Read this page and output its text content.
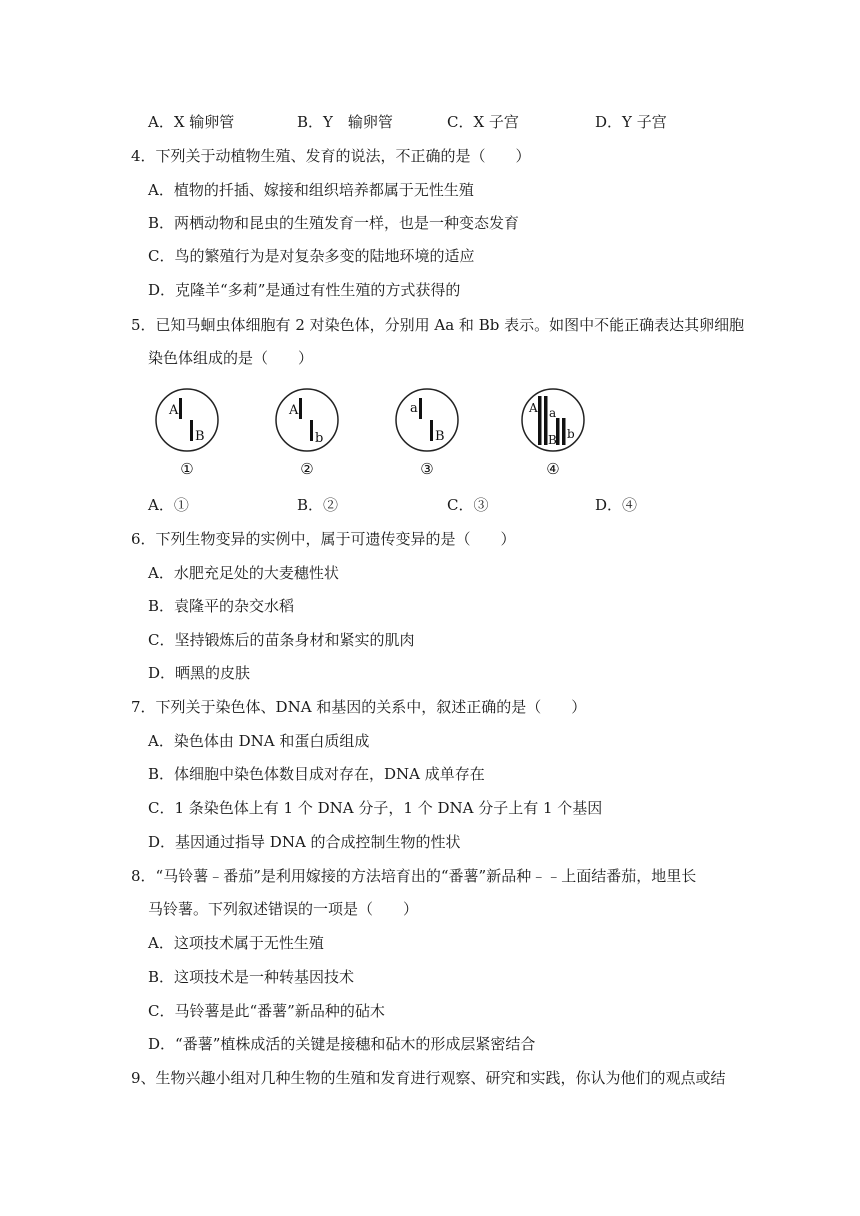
A．X 输卵管	B．Y　输卵管	C．X 子宫	D．Y 子宫
4．下列关于动植物生殖、发育的说法，不正确的是（　　）
A．植物的扦插、嫁接和组织培养都属于无性生殖
B．两栖动物和昆虫的生殖发育一样，也是一种变态发育
C．鸟的繁殖行为是对复杂多变的陆地环境的适应
D．克隆羊“多莉”是通过有性生殖的方式获得的
5．已知马蛔虫体细胞有 2 对染色体，分别用 Aa 和 Bb 表示。如图中不能正确表达其卵细胞
染色体组成的是（　　）
A
B
①
A
b
②
a
B
③
A a
B b
④
A．①	B．②	C．③	D．④
6．下列生物变异的实例中，属于可遗传变异的是（　　）
A．水肥充足处的大麦穗性状
B．袁隆平的杂交水稻
C．坚持锻炼后的苗条身材和紧实的肌肉
D．晒黑的皮肤
7．下列关于染色体、DNA 和基因的关系中，叙述正确的是（　　）
A．染色体由 DNA 和蛋白质组成
B．体细胞中染色体数目成对存在，DNA 成单存在
C．1 条染色体上有 1 个 DNA 分子，1 个 DNA 分子上有 1 个基因
D．基因通过指导 DNA 的合成控制生物的性状
8．“马铃薯﹣番茄”是利用嫁接的方法培育出的“番薯”新品种﹣﹣上面结番茄，地里长
马铃薯。下列叙述错误的一项是（　　）
A．这项技术属于无性生殖
B．这项技术是一种转基因技术
C．马铃薯是此“番薯”新品种的砧木
D．“番薯”植株成活的关键是接穗和砧木的形成层紧密结合
9、生物兴趣小组对几种生物的生殖和发育进行观察、研究和实践，你认为他们的观点或结
